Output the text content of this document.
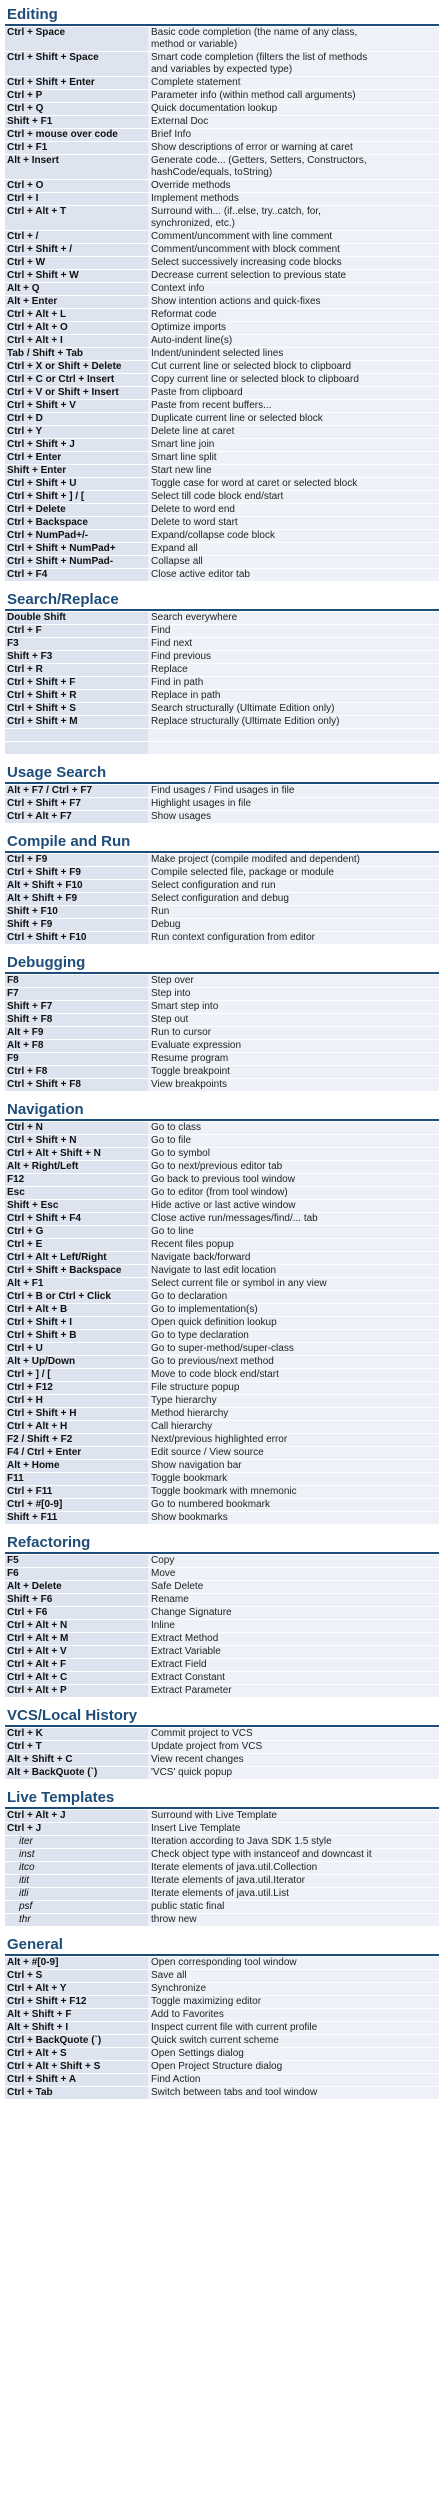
Editing
Ctrl + Space	Basic code completion (the name of any class,
method or variable)
Ctrl + Shift + Space	Smart code completion (filters the list of methods
and variables by expected type)
Ctrl + Shift + Enter	Complete statement
Ctrl + P	Parameter info (within method call arguments)
Ctrl + Q	Quick documentation lookup
Shift + F1	External Doc
Ctrl + mouse over code	Brief Info
Ctrl + F1	Show descriptions of error or warning at caret
Alt + Insert	Generate code... (Getters, Setters, Constructors,
hashCode/equals, toString)
Ctrl + O	Override methods
Ctrl + I	Implement methods
Ctrl + Alt + T	Surround with... (if..else, try..catch, for,
synchronized, etc.)
Ctrl + /	Comment/uncomment with line comment
Ctrl + Shift + /	Comment/uncomment with block comment
Ctrl + W	Select successively increasing code blocks
Ctrl + Shift + W	Decrease current selection to previous state
Alt + Q	Context info
Alt + Enter	Show intention actions and quick-fixes
Ctrl + Alt + L	Reformat code
Ctrl + Alt + O	Optimize imports
Ctrl + Alt + I	Auto-indent line(s)
Tab / Shift + Tab	Indent/unindent selected lines
Ctrl + X or Shift + Delete	Cut current line or selected block to clipboard
Ctrl + C or Ctrl + Insert	Copy current line or selected block to clipboard
Ctrl + V or Shift + Insert	Paste from clipboard
Ctrl + Shift + V	Paste from recent buffers...
Ctrl + D	Duplicate current line or selected block
Ctrl + Y	Delete line at caret
Ctrl + Shift + J	Smart line join
Ctrl + Enter	Smart line split
Shift + Enter	Start new line
Ctrl + Shift + U	Toggle case for word at caret or selected block
Ctrl + Shift + ] / [	Select till code block end/start
Ctrl + Delete	Delete to word end
Ctrl + Backspace	Delete to word start
Ctrl + NumPad+/-	Expand/collapse code block
Ctrl + Shift + NumPad+	Expand all
Ctrl + Shift + NumPad-	Collapse all
Ctrl + F4	Close active editor tab
Search/Replace
Double Shift	Search everywhere
Ctrl + F	Find
F3	Find next
Shift + F3	Find previous
Ctrl + R	Replace
Ctrl + Shift + F	Find in path
Ctrl + Shift + R	Replace in path
Ctrl + Shift + S	Search structurally (Ultimate Edition only)
Ctrl + Shift + M	Replace structurally (Ultimate Edition only)

Usage Search
Alt + F7 / Ctrl + F7	Find usages / Find usages in file
Ctrl + Shift + F7	Highlight usages in file
Ctrl + Alt + F7	Show usages
Compile and Run
Ctrl + F9	Make project (compile modifed and dependent)
Ctrl + Shift + F9	Compile selected file, package or module
Alt + Shift + F10	Select configuration and run
Alt + Shift + F9	Select configuration and debug
Shift + F10	Run
Shift + F9	Debug
Ctrl + Shift + F10	Run context configuration from editor
Debugging
F8	Step over
F7	Step into
Shift + F7	Smart step into
Shift + F8	Step out
Alt + F9	Run to cursor
Alt + F8	Evaluate expression
F9	Resume program
Ctrl + F8	Toggle breakpoint
Ctrl + Shift + F8	View breakpoints
Navigation
Ctrl + N	Go to class
Ctrl + Shift + N	Go to file
Ctrl + Alt + Shift + N	Go to symbol
Alt + Right/Left	Go to next/previous editor tab
F12	Go back to previous tool window
Esc	Go to editor (from tool window)
Shift + Esc	Hide active or last active window
Ctrl + Shift + F4	Close active run/messages/find/... tab
Ctrl + G	Go to line
Ctrl + E	Recent files popup
Ctrl + Alt + Left/Right	Navigate back/forward
Ctrl + Shift + Backspace	Navigate to last edit location
Alt + F1	Select current file or symbol in any view
Ctrl + B or Ctrl + Click	Go to declaration
Ctrl + Alt + B	Go to implementation(s)
Ctrl + Shift + I	Open quick definition lookup
Ctrl + Shift + B	Go to type declaration
Ctrl + U	Go to super-method/super-class
Alt + Up/Down	Go to previous/next method
Ctrl + ] / [	Move to code block end/start
Ctrl + F12	File structure popup
Ctrl + H	Type hierarchy
Ctrl + Shift + H	Method hierarchy
Ctrl + Alt + H	Call hierarchy
F2 / Shift + F2	Next/previous highlighted error
F4 / Ctrl + Enter	Edit source / View source
Alt + Home	Show navigation bar
F11	Toggle bookmark
Ctrl + F11	Toggle bookmark with mnemonic
Ctrl + #[0-9]	Go to numbered bookmark
Shift + F11	Show bookmarks
Refactoring
F5	Copy
F6	Move
Alt + Delete	Safe Delete
Shift + F6	Rename
Ctrl + F6	Change Signature
Ctrl + Alt + N	Inline
Ctrl + Alt + M	Extract Method
Ctrl + Alt + V	Extract Variable
Ctrl + Alt + F	Extract Field
Ctrl + Alt + C	Extract Constant
Ctrl + Alt + P	Extract Parameter
VCS/Local History
Ctrl + K	Commit project to VCS
Ctrl + T	Update project from VCS
Alt + Shift + C	View recent changes
Alt + BackQuote (`)	'VCS' quick popup
Live Templates
Ctrl + Alt + J	Surround with Live Template
Ctrl + J	Insert Live Template
iter	Iteration according to Java SDK 1.5 style
inst	Check object type with instanceof and downcast it
itco	Iterate elements of java.util.Collection
itit	Iterate elements of java.util.Iterator
itli	Iterate elements of java.util.List
psf	public static final
thr	throw new
General
Alt + #[0-9]	Open corresponding tool window
Ctrl + S	Save all
Ctrl + Alt + Y	Synchronize
Ctrl + Shift + F12	Toggle maximizing editor
Alt + Shift + F	Add to Favorites
Alt + Shift + I	Inspect current file with current profile
Ctrl + BackQuote (`)	Quick switch current scheme
Ctrl + Alt + S	Open Settings dialog
Ctrl + Alt + Shift + S	Open Project Structure dialog
Ctrl + Shift + A	Find Action
Ctrl + Tab	Switch between tabs and tool window
